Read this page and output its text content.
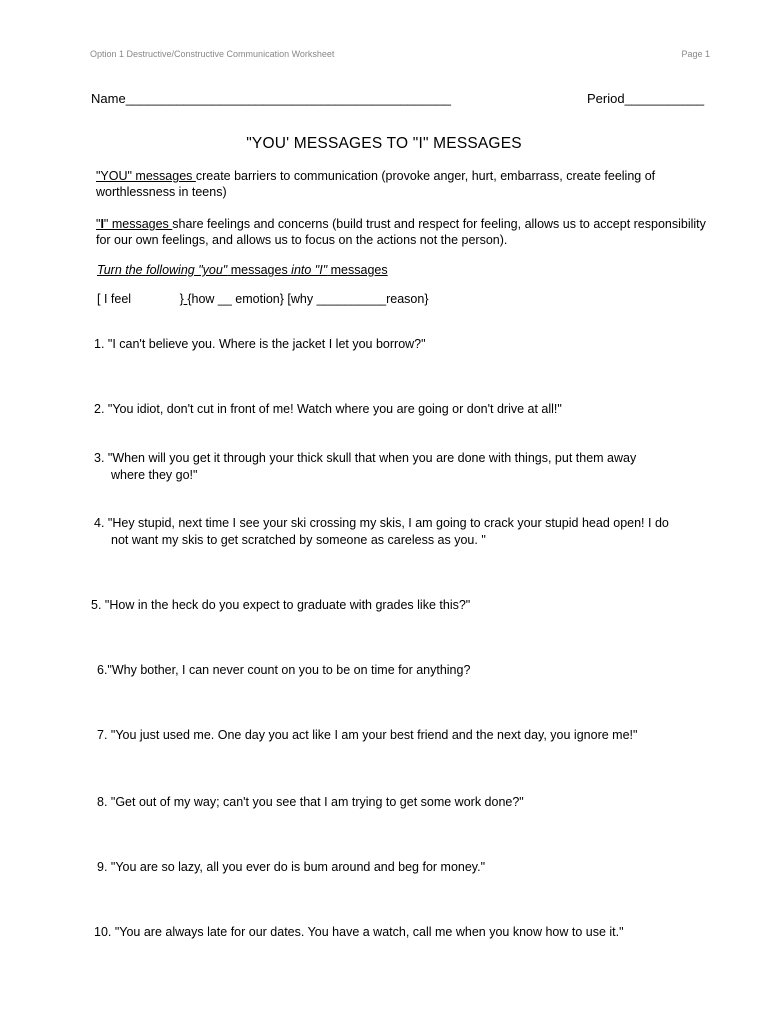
Option 1 Destructive/Constructive Communication Worksheet	Page 1
Name_____________________________________________	Period___________
"YOU' MESSAGES TO "I" MESSAGES
"YOU" messages create barriers to communication (provoke anger, hurt, embarrass, create feeling of worthlessness in teens)
"I" messages share feelings and concerns (build trust and respect for feeling, allows us to accept responsibility for our own feelings, and allows us to focus on the actions not the person).
Turn the following "you" messages into "I" messages
[ I feel              } {how __ emotion} [why __________reason}
1. "I can't believe you. Where is the jacket I let you borrow?"
2. "You idiot, don't cut in front of me! Watch where you are going or don't drive at all!"
3. "When will you get it through your thick skull that when you are done with things, put them away
where they go!"
4. "Hey stupid, next time I see your ski crossing my skis, I am going to crack your stupid head open! I do
not want my skis to get scratched by someone as careless as you. "
5. "How in the heck do you expect to graduate with grades like this?"
6."Why bother, I can never count on you to be on time for anything?
7. "You just used me. One day you act like I am your best friend and the next day, you ignore me!"
8. "Get out of my way; can't you see that I am trying to get some work done?"
9. "You are so lazy, all you ever do is bum around and beg for money."
10. "You are always late for our dates. You have a watch, call me when you know how to use it."
